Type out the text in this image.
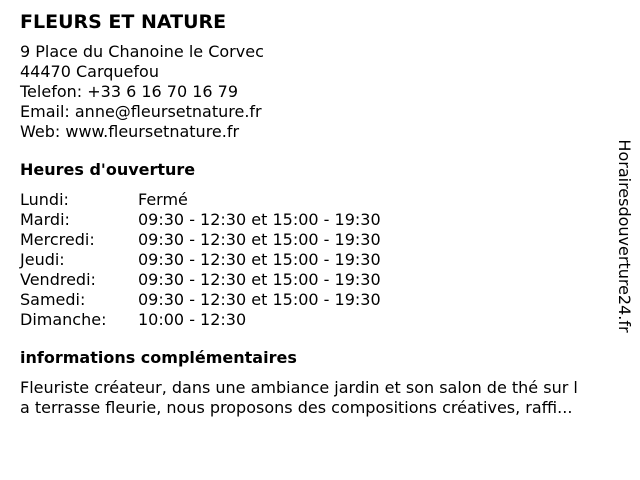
FLEURS ET NATURE
9 Place du Chanoine le Corvec
44470 Carquefou
Telefon: +33 6 16 70 16 79
Email: anne@fleursetnature.fr
Web: www.fleursetnature.fr
Heures d'ouverture
Lundi:	Fermé
Mardi:	09:30 - 12:30 et 15:00 - 19:30
Mercredi:	09:30 - 12:30 et 15:00 - 19:30
Jeudi:	09:30 - 12:30 et 15:00 - 19:30
Vendredi:	09:30 - 12:30 et 15:00 - 19:30
Samedi:	09:30 - 12:30 et 15:00 - 19:30
Dimanche:	10:00 - 12:30
informations complémentaires
Fleuriste créateur, dans une ambiance jardin et son salon de thé sur l
a terrasse fleurie, nous proposons des compositions créatives, raffi...
Horairesdouverture24.fr
